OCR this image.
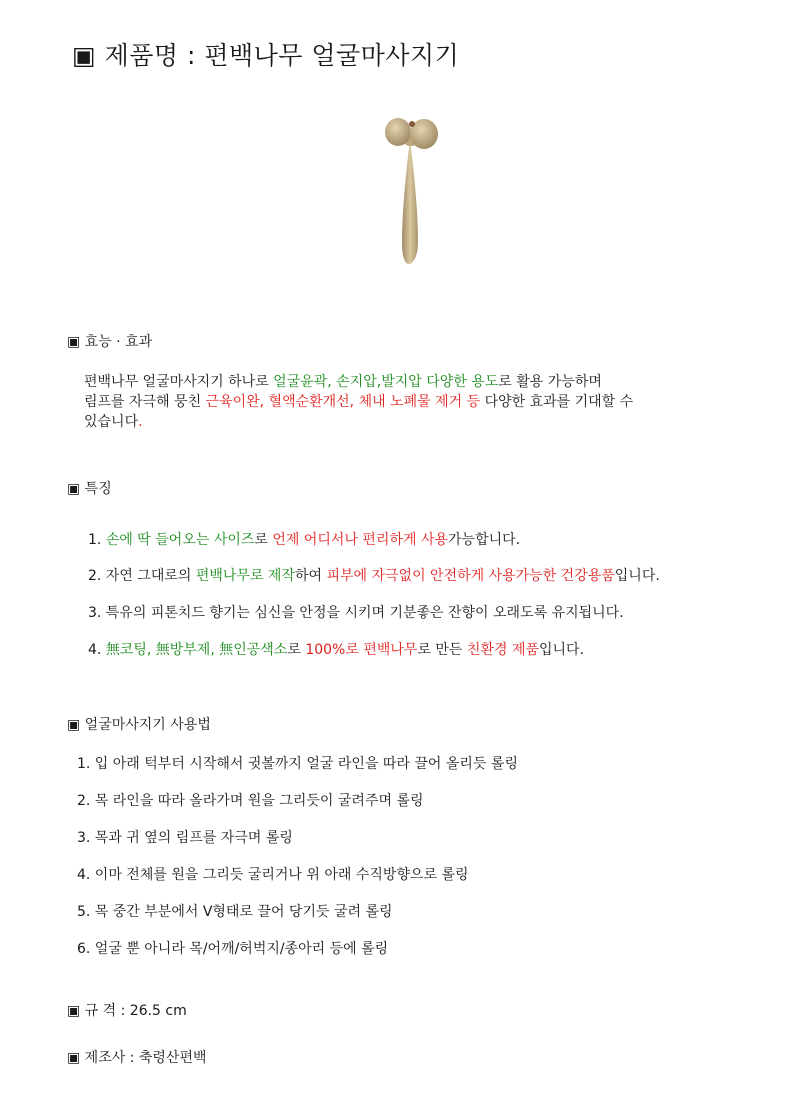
▣ 제품명 : 편백나무 얼굴마사지기
▣ 효능 · 효과
편백나무 얼굴마사지기 하나로 얼굴윤곽, 손지압,발지압 다양한 용도로 활용 가능하며
림프를 자극해 뭉친 근육이완, 혈액순환개선, 체내 노폐물 제거 등 다양한 효과를 기대할 수
있습니다.
▣ 특징
1. 손에 딱 들어오는 사이즈로 언제 어디서나 편리하게 사용가능합니다.
2. 자연 그대로의 편백나무로 제작하여 피부에 자극없이 안전하게 사용가능한 건강용품입니다.
3. 특유의 피톤치드 향기는 심신을 안정을 시키며 기분좋은 잔향이 오래도록 유지됩니다.
4. 無코팅, 無방부제, 無인공색소로 100%로 편백나무로 만든 친환경 제품입니다.
▣ 얼굴마사지기 사용법
1. 입 아래 턱부터 시작해서 귓볼까지 얼굴 라인을 따라 끌어 올리듯 롤링
2. 목 라인을 따라 올라가며 원을 그리듯이 굴려주며 롤링
3. 목과 귀 옆의 림프를 자극며 롤링
4. 이마 전체를 원을 그리듯 굴리거나 위 아래 수직방향으로 롤링
5. 목 중간 부분에서 V형태로 끌어 당기듯 굴려 롤링
6. 얼굴 뿐 아니라 목/어깨/허벅지/종아리 등에 롤링
▣ 규 격 : 26.5 cm
▣ 제조사 : 축령산편백
